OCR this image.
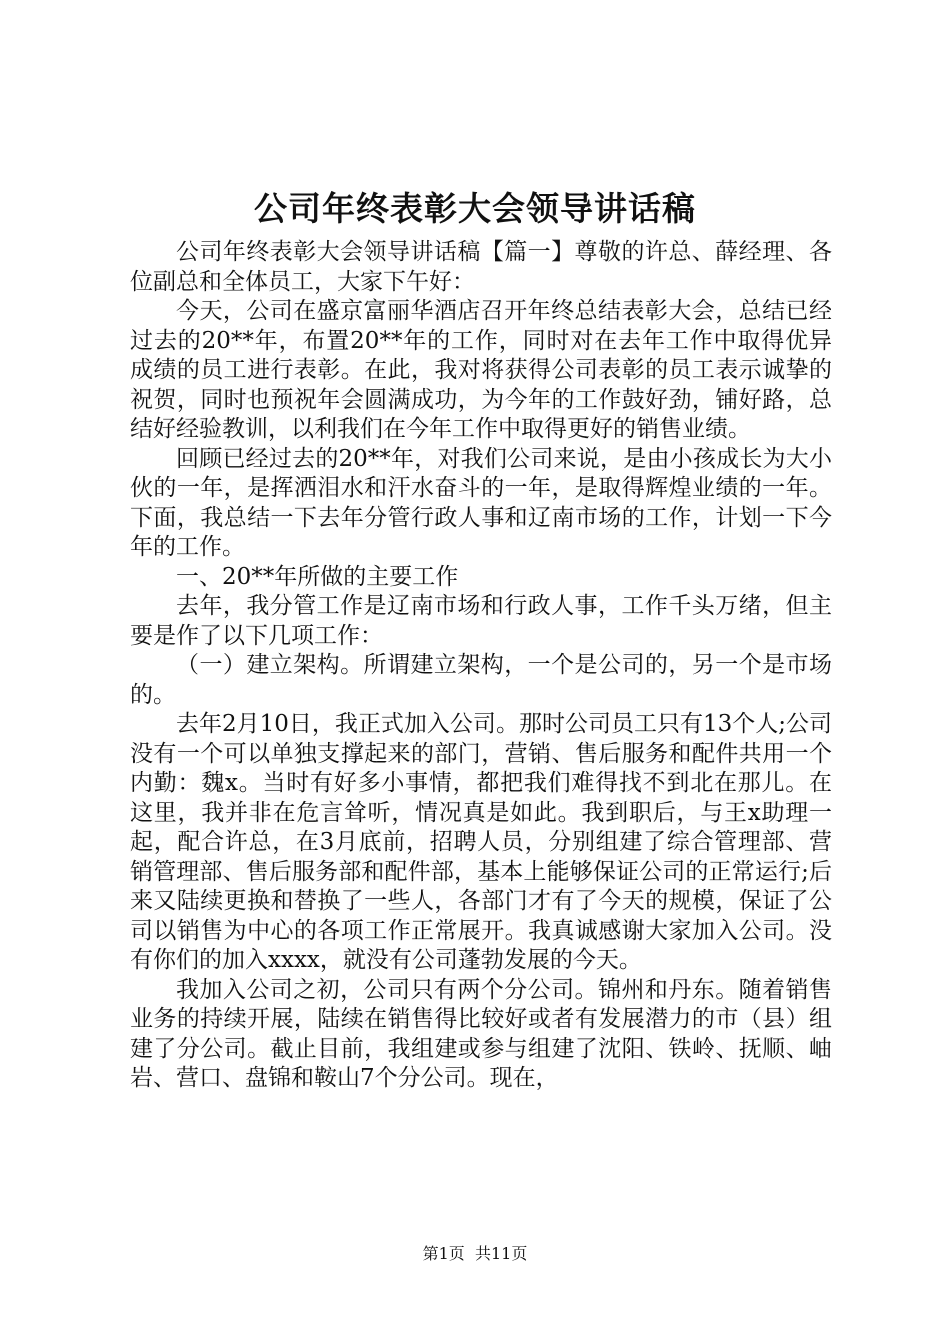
公司年终表彰大会领导讲话稿

公司年终表彰大会领导讲话稿【篇一】尊敬的许总、薛经理、各位副总和全体员工，大家下午好：

今天，公司在盛京富丽华酒店召开年终总结表彰大会，总结已经过去的20**年，布置20**年的工作，同时对在去年工作中取得优异成绩的员工进行表彰。在此，我对将获得公司表彰的员工表示诚挚的祝贺，同时也预祝年会圆满成功，为今年的工作鼓好劲，铺好路，总结好经验教训，以利我们在今年工作中取得更好的销售业绩。

回顾已经过去的20**年，对我们公司来说，是由小孩成长为大小伙的一年，是挥洒泪水和汗水奋斗的一年，是取得辉煌业绩的一年。下面，我总结一下去年分管行政人事和辽南市场的工作，计划一下今年的工作。

一、20**年所做的主要工作

去年，我分管工作是辽南市场和行政人事，工作千头万绪，但主要是作了以下几项工作：

（一）建立架构。所谓建立架构，一个是公司的，另一个是市场的。

去年2月10日，我正式加入公司。那时公司员工只有13个人;公司没有一个可以单独支撑起来的部门，营销、售后服务和配件共用一个内勤：魏x。当时有好多小事情，都把我们难得找不到北在那儿。在这里，我并非在危言耸听，情况真是如此。我到职后，与王x助理一起，配合许总，在3月底前，招聘人员，分别组建了综合管理部、营销管理部、售后服务部和配件部，基本上能够保证公司的正常运行;后来又陆续更换和替换了一些人，各部门才有了今天的规模，保证了公司以销售为中心的各项工作正常展开。我真诚感谢大家加入公司。没有你们的加入xxxx，就没有公司蓬勃发展的今天。

我加入公司之初，公司只有两个分公司。锦州和丹东。随着销售业务的持续开展，陆续在销售得比较好或者有发展潜力的市（县）组建了分公司。截止目前，我组建或参与组建了沈阳、铁岭、抚顺、岫岩、营口、盘锦和鞍山7个分公司。现在，

第1页 共11页
